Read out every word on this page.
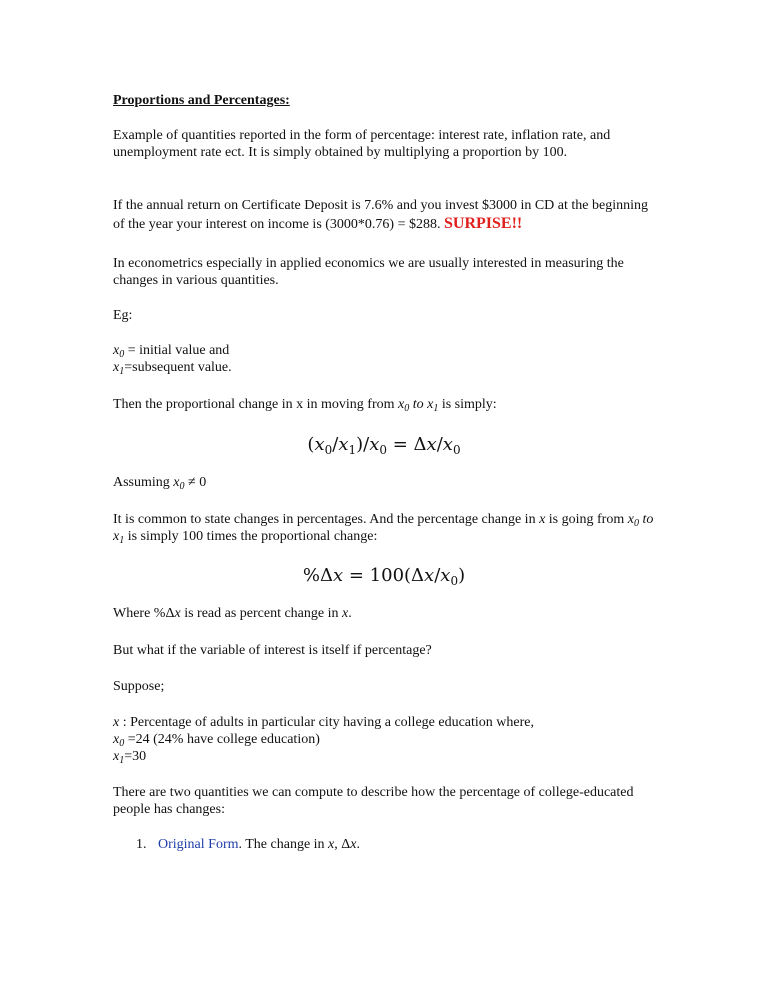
Proportions and Percentages:
Example of quantities reported in the form of percentage: interest rate, inflation rate, and unemployment rate ect. It is simply obtained by multiplying a proportion by 100.
If the annual return on Certificate Deposit is 7.6% and you invest $3000 in CD at the beginning of the year your interest on income is (3000*0.76) = $288. SURPISE!!
In econometrics especially in applied economics we are usually interested in measuring the changes in various quantities.
Eg:
$x_0$ = initial value and
$x_1=subsequent$ value.
Then the proportional change in x in moving from $x_0$ to $x_1$ is simply:
$(x_0/x_1)/x_0 = \Delta x/x_0$
Assuming $x_0 \ne 0$
It is common to state changes in percentages. And the percentage change in x is going from $x_0$ to $x_1$ is simply 100 times the proportional change:
$\%\Delta x = 100(\Delta x/x_0)$
Where %Δx is read as percent change in x.
But what if the variable of interest is itself if percentage?
Suppose;
x : Percentage of adults in particular city having a college education where,
$x_0 =24$ (24% have college education)
$x_1=30$
There are two quantities we can compute to describe how the percentage of college-educated people has changes:
1. Original Form. The change in x, Δx.
